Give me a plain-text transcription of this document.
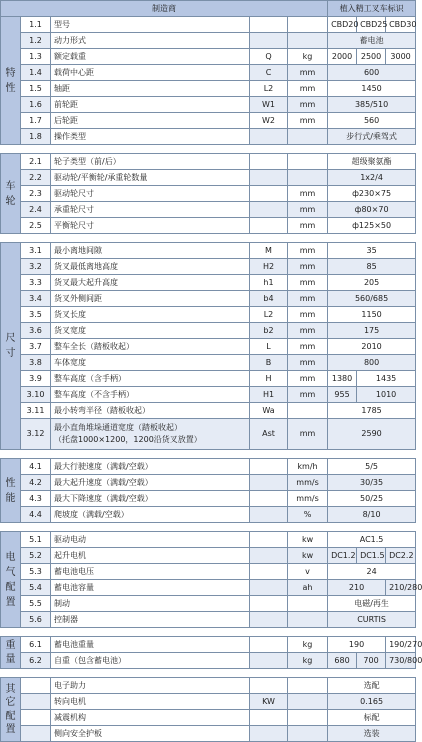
制造商					植入精工叉车标识		
特
性	1.1	型号			CBD20	CBD25	CBD30
	1.2	动力形式			蓄电池		
	1.3	额定载重	Q	kg	2000	2500	3000
	1.4	载荷中心距	C	mm	600		
	1.5	轴距	L2	mm	1450		
	1.6	前轮距	W1	mm	385/510		
	1.7	后轮距	W2	mm	560		
	1.8	操作类型			步行式/乘驾式		

车
轮	2.1	轮子类型（前/后）			超级聚氨酯		
	2.2	驱动轮/平衡轮/承重轮数量			1x2/4		
	2.3	驱动轮尺寸		mm	ф230×75		
	2.4	承重轮尺寸		mm	ф80×70		
	2.5	平衡轮尺寸		mm	ф125×50		

尺
寸	3.1	最小离地间隙	M	mm	35		
	3.2	货叉最低离地高度	H2	mm	85		
	3.3	货叉最大起升高度	h1	mm	205		
	3.4	货叉外侧间距	b4	mm	560/685		
	3.5	货叉长度	L2	mm	1150		
	3.6	货叉宽度	b2	mm	175		
	3.7	整车全长（踏板收起）	L	mm	2010		
	3.8	车体宽度	B	mm	800		
	3.9	整车高度（含手柄）	H	mm	1380	1435	
	3.10	整车高度（不含手柄）	H1	mm	955	1010	
	3.11	最小转弯半径（踏板收起）	Wa		1785		
	3.12	最小直角堆垛通道宽度（踏板收起）
（托盘1000×1200，1200沿货叉放置）	Ast	mm	2590		

性
能	4.1	最大行驶速度（满载/空载）		km/h	5/5		
	4.2	最大起升速度（满载/空载）		mm/s	30/35		
	4.3	最大下降速度（满载/空载）		mm/s	50/25		
	4.4	爬坡度（满载/空载）		%	8/10		

电
气
配
置	5.1	驱动电动		kw	AC1.5		
	5.2	起升电机		kw	DC1.2	DC1.5	DC2.2
	5.3	蓄电池电压		v	24		
	5.4	蓄电池容量		ah	210		210/280
	5.5	制动			电磁/再生		
	5.6	控制器			CURTIS		

重
量	6.1	蓄电池重量		kg	190		190/270
	6.2	自重（包含蓄电池）		kg	680	700	730/800

其
它
配
置		电子助力			选配		
		转向电机	KW		0.165		
		减震机构			标配		
		侧向安全护板			选装		
